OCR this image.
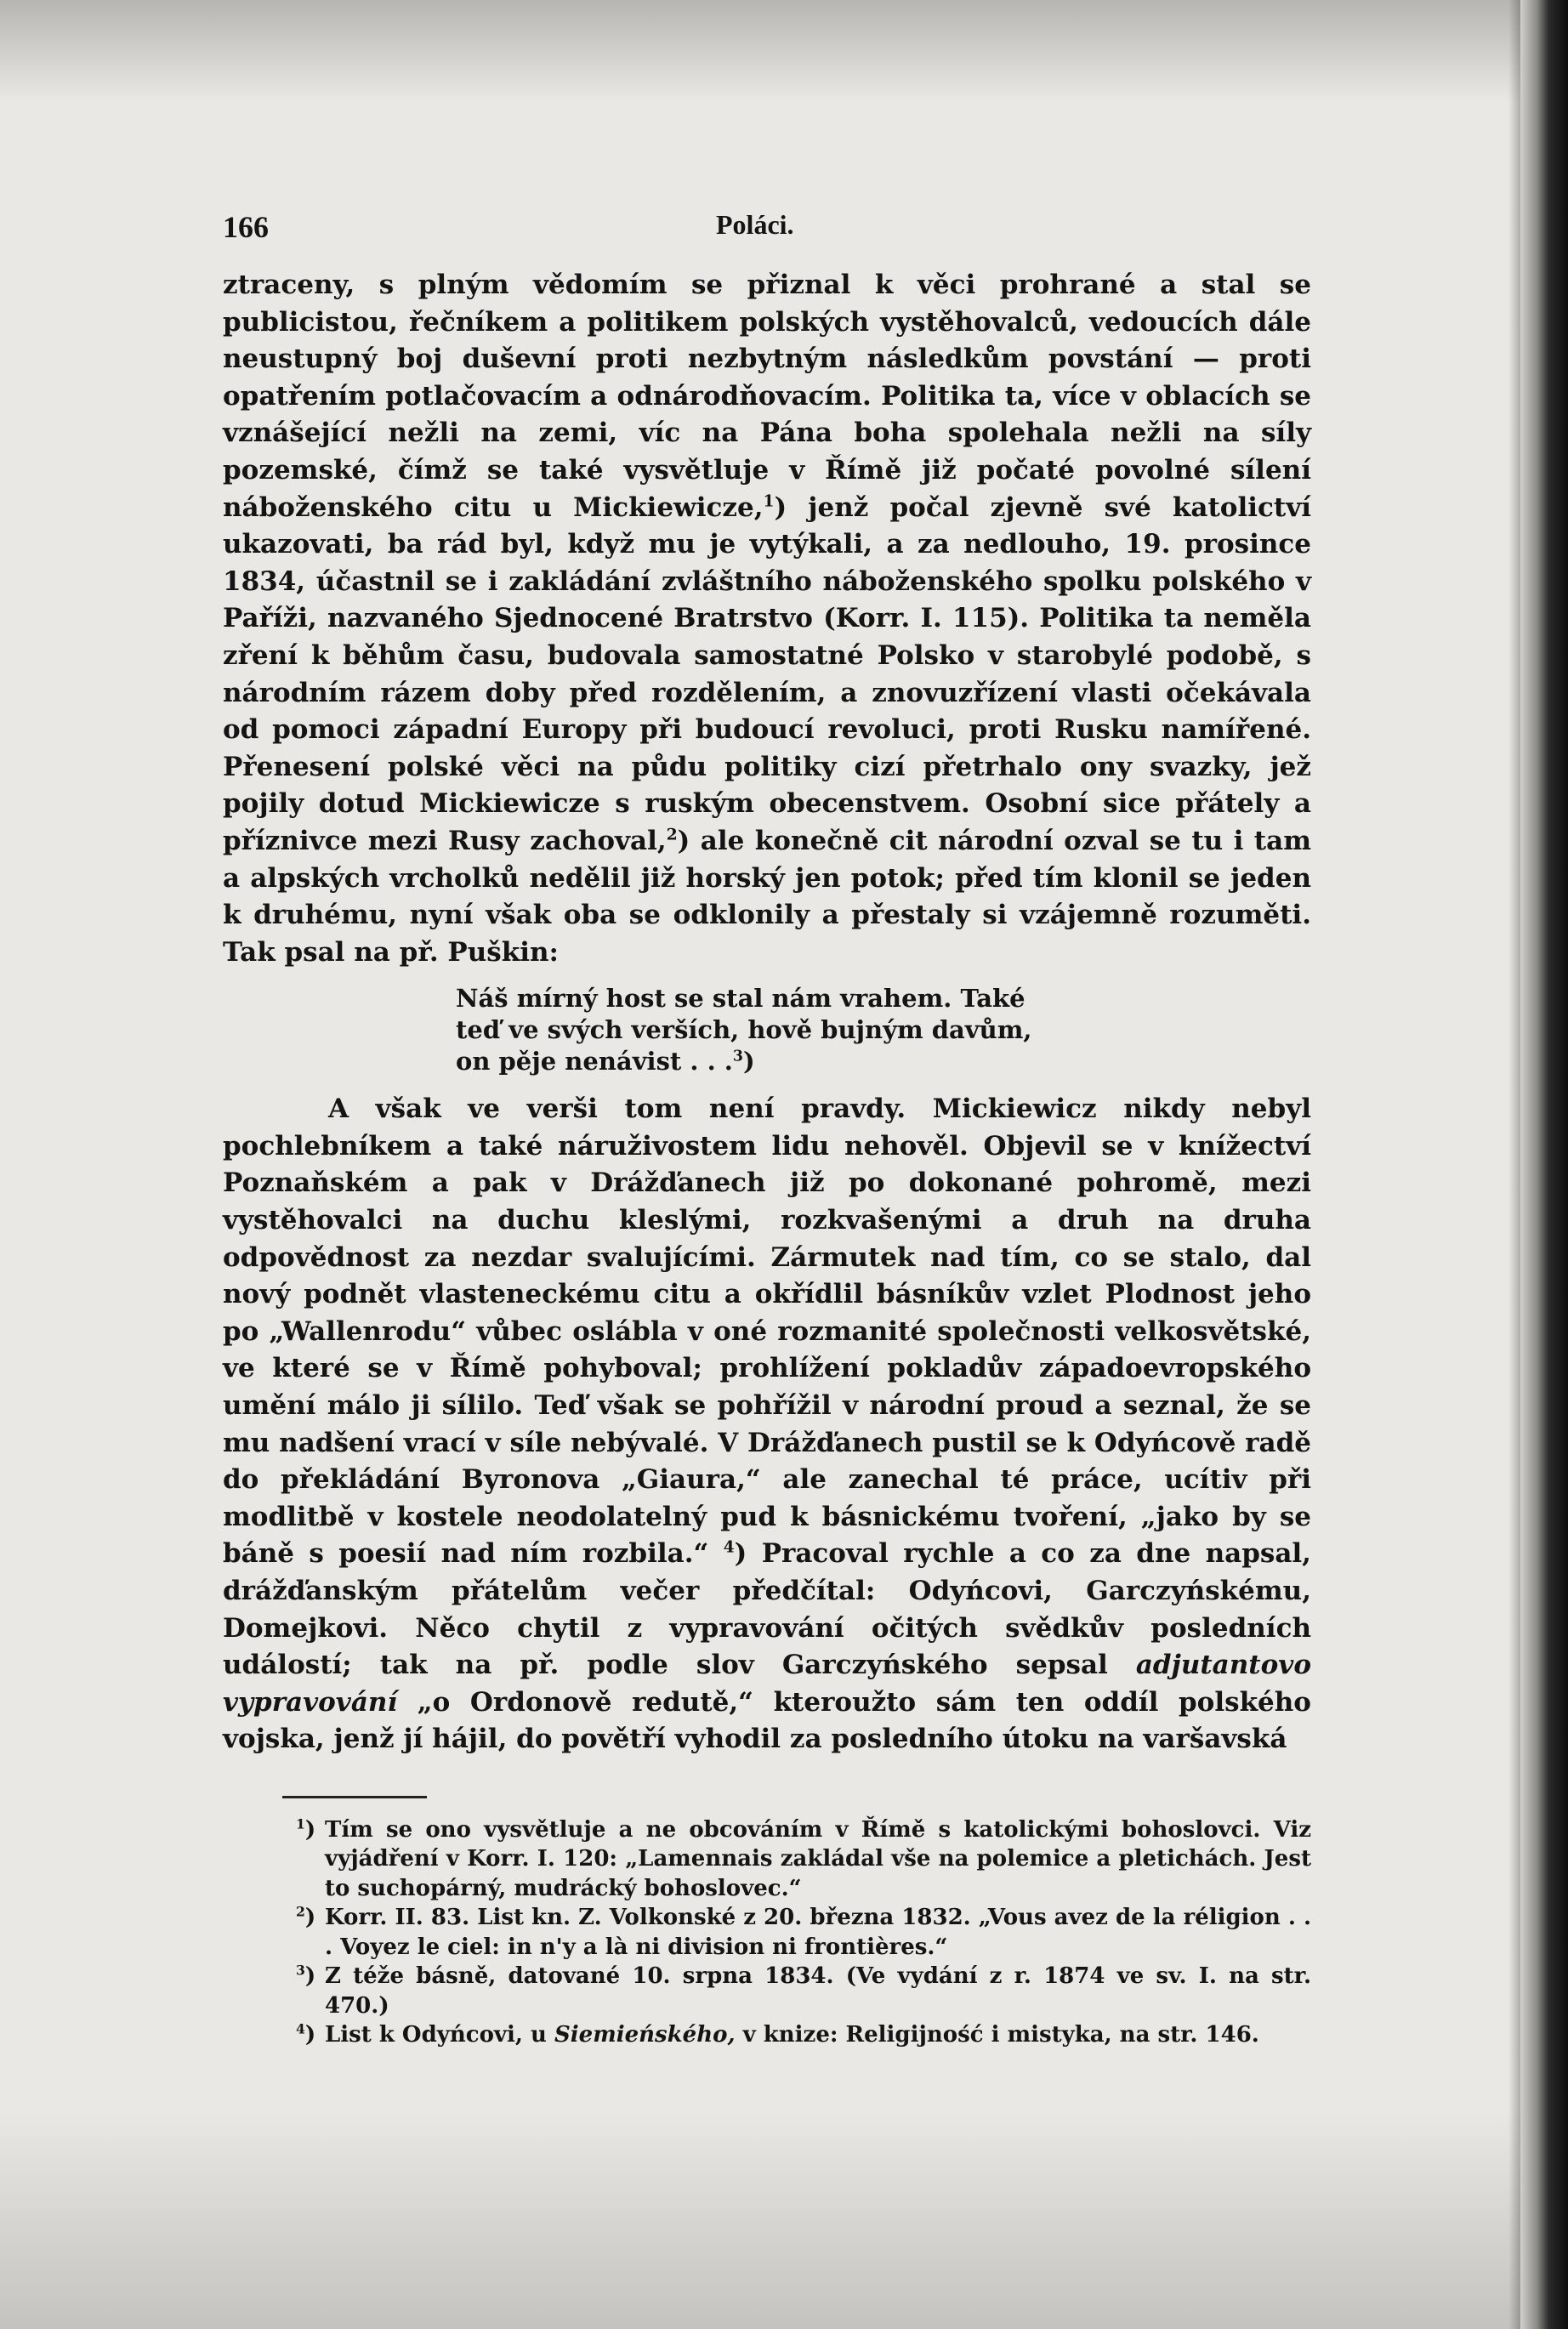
166	Poláci.

ztraceny, s plným vědomím se přiznal k věci prohrané a stal se publicistou, řečníkem a politikem polských vystěhovalců, vedoucích dále neustupný boj duševní proti nezbytným následkům povstání — proti opatřením potlačovacím a odnárodňovacím. Politika ta, více v oblacích se vznášející nežli na zemi, víc na Pána boha spolehala nežli na síly pozemské, čímž se také vysvětluje v Římě již počaté povolné sílení náboženského citu u Mickiewicze,$^1$) jenž počal zjevně své katolictví ukazovati, ba rád byl, když mu je vytýkali, a za nedlouho, 19. prosince 1834, účastnil se i zakládání zvláštního náboženského spolku polského v Paříži, nazvaného Sjednocené Bratrstvo (Korr. I. 115). Politika ta neměla zření k běhům času, budovala samostatné Polsko v starobylé podobě, s národním rázem doby před rozdělením, a znovuzřízení vlasti očekávala od pomoci západní Europy při budoucí revoluci, proti Rusku namířené. Přenesení polské věci na půdu politiky cizí přetrhalo ony svazky, jež pojily dotud Mickiewicze s ruským obecenstvem. Osobní sice přátely a příznivce mezi Rusy zachoval,$^2$) ale konečně cit národní ozval se tu i tam a alpských vrcholků nedělil již horský jen potok; před tím klonil se jeden k druhému, nyní však oba se odklonily a přestaly si vzájemně rozuměti. Tak psal na př. Puškin:

Náš mírný host se stal nám vrahem. Také
teď ve svých verších, hově bujným davům,
on pěje nenávist . . .$^3$)

A však ve verši tom není pravdy. Mickiewicz nikdy nebyl pochlebníkem a také náruživostem lidu nehověl. Objevil se v knížectví Poznaňském a pak v Drážďanech již po dokonané pohromě, mezi vystěhovalci na duchu kleslými, rozkvašenými a druh na druha odpovědnost za nezdar svalujícími. Zármutek nad tím, co se stalo, dal nový podnět vlasteneckému citu a okřídlil básníkův vzlet Plodnost jeho po „Wallenrodu“ vůbec oslábla v oné rozmanité společnosti velkosvětské, ve které se v Římě pohyboval; prohlížení pokladův západoevropského umění málo ji sílilo. Teď však se pohřížil v národní proud a seznal, že se mu nadšení vrací v síle nebývalé. V Drážďanech pustil se k Odyńcově radě do překládání Byronova „Giaura,“ ale zanechal té práce, ucítiv při modlitbě v kostele neodolatelný pud k básnickému tvoření, „jako by se báně s poesií nad ním rozbila.“ $^4$) Pracoval rychle a co za dne napsal, drážďanským přátelům večer předčítal: Odyńcovi, Garczyńskému, Domejkovi. Něco chytil z vypravování očitých svědkův posledních událostí; tak na př. podle slov Garczyńského sepsal adjutantovo vypravování „o Ordonově redutě,“ kteroužto sám ten oddíl polského vojska, jenž jí hájil, do povětří vyhodil za posledního útoku na varšavská

$^1$) Tím se ono vysvětluje a ne obcováním v Římě s katolickými bohoslovci. Viz vyjádření v Korr. I. 120: „Lamennais zakládal vše na polemice a pletichách. Jest to suchopárný, mudrácký bohoslovec.“
$^2$) Korr. II. 83. List kn. Z. Volkonské z 20. března 1832. „Vous avez de la réligion . . . Voyez le ciel: in n'y a là ni division ni frontières.“
$^3$) Z téže básně, datované 10. srpna 1834. (Ve vydání z r. 1874 ve sv. I. na str. 470.)
$^4$) List k Odyńcovi, u Siemieńského, v knize: Religijność i mistyka, na str. 146.
